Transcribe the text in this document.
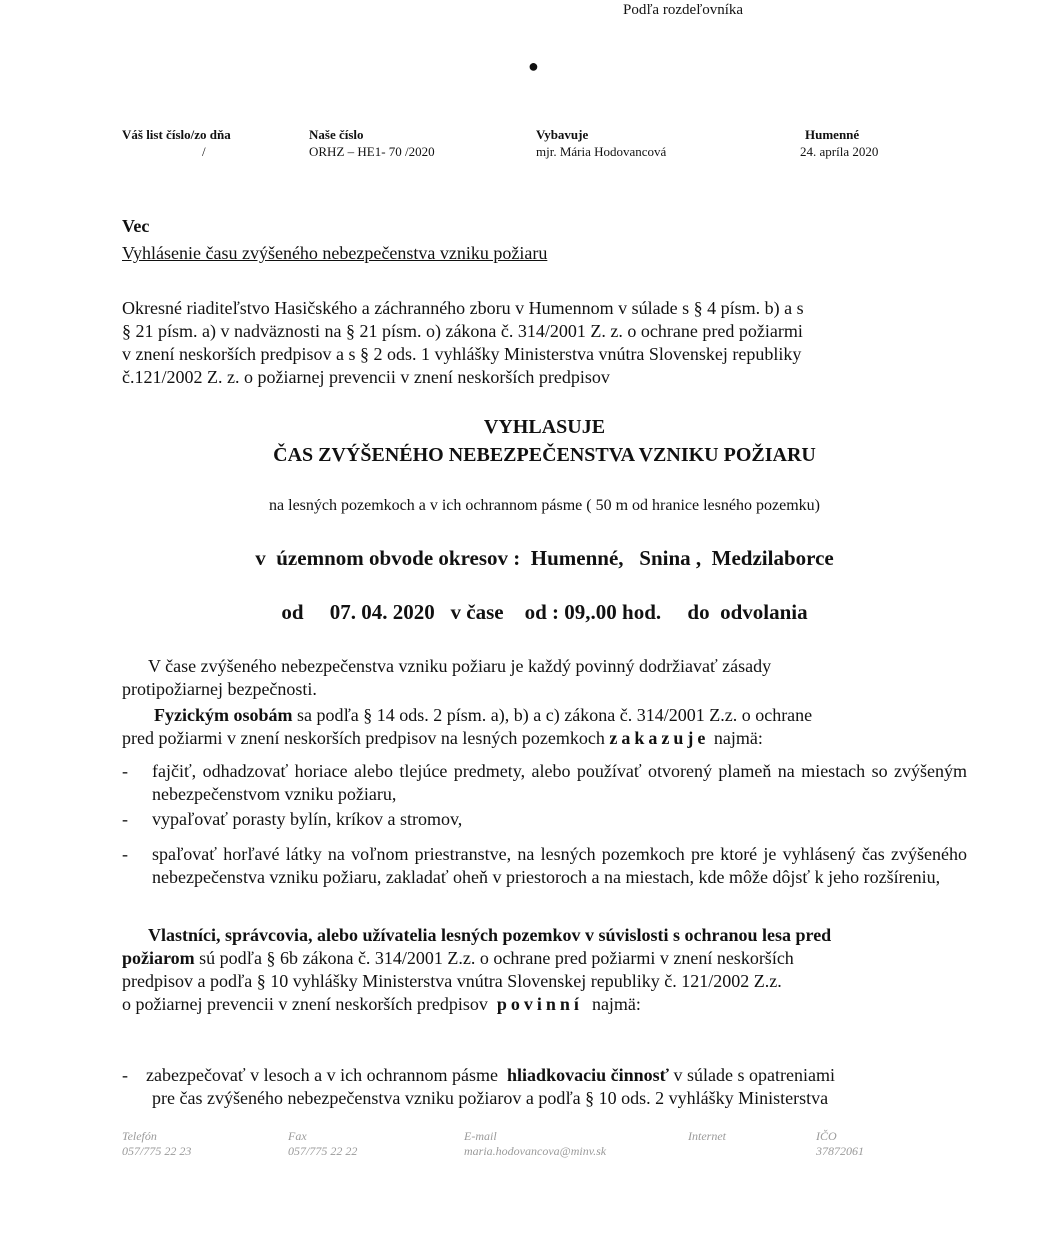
Podľa rozdeľovníka
●
Váš list číslo/zo dňa
/
Naše číslo
ORHZ – HE1- 70 /2020
Vybavuje
mjr. Mária Hodovancová
Humenné
24. apríla 2020
Vec
Vyhlásenie času zvýšeného nebezpečenstva vzniku požiaru
Okresné riaditeľstvo Hasičského a záchranného zboru v Humennom v súlade s § 4 písm. b) a s
§ 21 písm. a) v nadväznosti na § 21 písm. o) zákona č. 314/2001 Z. z. o ochrane pred požiarmi
v znení neskorších predpisov a s § 2 ods. 1 vyhlášky Ministerstva vnútra Slovenskej republiky
č.121/2002 Z. z. o požiarnej prevencii v znení neskorších predpisov
VYHLASUJE
ČAS ZVÝŠENÉHO NEBEZPEČENSTVA VZNIKU POŽIARU
na lesných pozemkoch a v ich ochrannom pásme ( 50 m od hranice lesného pozemku)
v  územnom obvode okresov :  Humenné,   Snina ,  Medzilaborce
od     07. 04. 2020   v čase    od : 09,.00 hod.     do  odvolania
V čase zvýšeného nebezpečenstva vzniku požiaru je každý povinný dodržiavať zásady
protipožiarnej bezpečnosti.
Fyzickým osobám sa podľa § 14 ods. 2 písm. a), b) a c) zákona č. 314/2001 Z.z. o ochrane
pred požiarmi v znení neskorších predpisov na lesných pozemkoch zakazuje najmä:
- fajčiť, odhadzovať horiace alebo tlejúce predmety, alebo používať otvorený plameň na miestach so zvýšeným nebezpečenstvom vzniku požiaru,
- vypaľovať porasty bylín, kríkov a stromov,
- spaľovať horľavé látky na voľnom priestranstve, na lesných pozemkoch pre ktoré je vyhlásený čas zvýšeného nebezpečenstva vzniku požiaru, zakladať oheň v priestoroch a na miestach, kde môže dôjsť k jeho rozšíreniu,
Vlastníci, správcovia, alebo užívatelia lesných pozemkov v súvislosti s ochranou lesa pred
požiarom sú podľa § 6b zákona č. 314/2001 Z.z. o ochrane pred požiarmi v znení neskorších
predpisov a podľa § 10 vyhlášky Ministerstva vnútra Slovenskej republiky č. 121/2002 Z.z.
o požiarnej prevencii v znení neskorších predpisov  povinní  najmä:
- zabezpečovať v lesoch a v ich ochrannom pásme  hliadkovaciu činnosť v súlade s opatreniami
pre čas zvýšeného nebezpečenstva vzniku požiarov a podľa § 10 ods. 2 vyhlášky Ministerstva
Telefón
057/775 22 23
Fax
057/775 22 22
E-mail
maria.hodovancova@minv.sk
Internet	IČO
37872061
